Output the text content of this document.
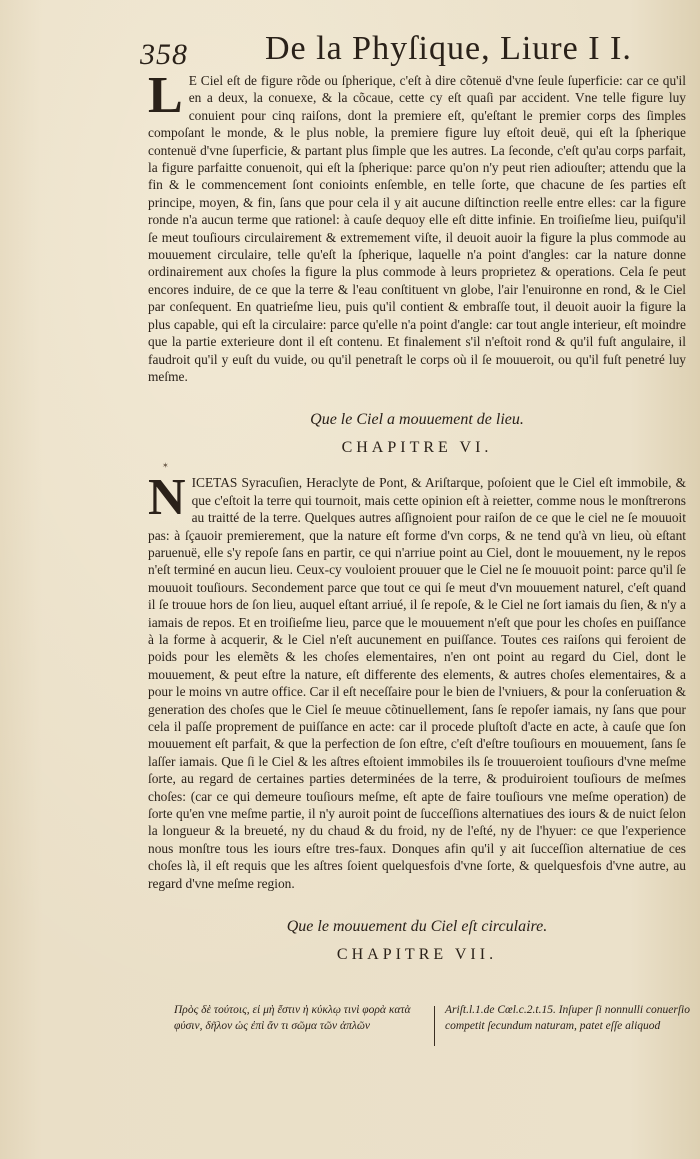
358 De la Phyſique, Liure I I.

L E Ciel eſt de figure rõde ou ſpherique, c'eſt à dire cõtenuë d'vne ſeule ſuperficie: car ce qu'il en a deux, la conuexe, & la cõcaue, cette cy eſt quaſi par accident. Vne telle figure luy conuient pour cinq raiſons, dont la premiere eſt, qu'eſtant le premier corps des ſimples compoſant le monde, & le plus noble, la premiere figure luy eſtoit deuë, qui eſt la ſpherique contenuë d'vne ſuperficie, & partant plus ſimple que les autres. La ſeconde, c'eſt qu'au corps parfait, la figure parfaitte conuenoit, qui eſt la ſpherique: parce qu'on n'y peut rien adiouſter; attendu que la fin & le commencement ſont conioints enſemble, en telle ſorte, que chacune de ſes parties eſt principe, moyen, & fin, ſans que pour cela il y ait aucune diſtinction reelle entre elles: car la figure ronde n'a aucun terme que rationel: à cauſe dequoy elle eſt ditte infinie. En troiſieſme lieu, puiſqu'il ſe meut touſiours circulairement & extremement viſte, il deuoit auoir la figure la plus commode au mouuement circulaire, telle qu'eſt la ſpherique, laquelle n'a point d'angles: car la nature donne ordinairement aux choſes la figure la plus commode à leurs proprietez & operations. Cela ſe peut encores induire, de ce que la terre & l'eau conſtituent vn globe, l'air l'enuironne en rond, & le Ciel par conſequent. En quatrieſme lieu, puis qu'il contient & embraſſe tout, il deuoit auoir la figure la plus capable, qui eſt la circulaire: parce qu'elle n'a point d'angle: car tout angle interieur, eſt moindre que la partie exterieure dont il eſt contenu. Et finalement s'il n'eſtoit rond & qu'il fuſt angulaire, il faudroit qu'il y euſt du vuide, ou qu'il penetraſt le corps où il ſe mouueroit, ou qu'il fuſt penetré luy meſme.

Que le Ciel a mouuement de lieu.
CHAPITRE VI.
✶

NICETAS Syracuſien, Heraclyte de Pont, & Ariſtarque, poſoient que le Ciel eſt immobile, & que c'eſtoit la terre qui tournoit, mais cette opinion eſt à reietter, comme nous le monſtrerons au traitté de la terre. Quelques autres aſſignoient pour raiſon de ce que le ciel ne ſe mouuoit pas: à ſçauoir premierement, que la nature eſt forme d'vn corps, & ne tend qu'à vn lieu, où eſtant paruenuë, elle s'y repoſe ſans en partir, ce qui n'arriue point au Ciel, dont le mouuement, ny le repos n'eſt terminé en aucun lieu. Ceux-cy vouloient prouuer que le Ciel ne ſe mouuoit point: parce qu'il ſe mouuoit touſiours. Secondement parce que tout ce qui ſe meut d'vn mouuement naturel, c'eſt quand il ſe trouue hors de ſon lieu, auquel eſtant arriué, il ſe repoſe, & le Ciel ne ſort iamais du ſien, & n'y a iamais de repos. Et en troiſieſme lieu, parce que le mouuement n'eſt que pour les choſes en puiſſance à la forme à acquerir, & le Ciel n'eſt aucunement en puiſſance. Toutes ces raiſons qui feroient de poids pour les elemẽts & les choſes elementaires, n'en ont point au regard du Ciel, dont le mouuement, & peut eſtre la nature, eſt differente des elements, & autres choſes elementaires, & a pour le moins vn autre office. Car il eſt neceſſaire pour le bien de l'vniuers, & pour la conſeruation & generation des choſes que le Ciel ſe meuue cõtinuellement, ſans ſe repoſer iamais, ny ſans que pour cela il paſſe proprement de puiſſance en acte: car il procede pluſtoſt d'acte en acte, à cauſe que ſon mouuement eſt parfait, & que la perfection de ſon eſtre, c'eſt d'eſtre touſiours en mouuement, ſans ſe laſſer iamais. Que ſi le Ciel & les aſtres eſtoient immobiles ils ſe trouueroient touſiours d'vne meſme ſorte, au regard de certaines parties determinées de la terre, & produiroient touſiours de meſmes choſes: (car ce qui demeure touſiours meſme, eſt apte de faire touſiours vne meſme operation) de ſorte qu'en vne meſme partie, il n'y auroit point de ſucceſſions alternatiues des iours & de nuict ſelon la longueur & la breueté, ny du chaud & du froid, ny de l'eſté, ny de l'hyuer: ce que l'experience nous monſtre tous les iours eſtre tres-faux. Donques afin qu'il y ait ſucceſſion alternatiue de ces choſes là, il eſt requis que les aſtres ſoient quelquesfois d'vne ſorte, & quelquesfois d'vne autre, au regard d'vne meſme region.

Que le mouuement du Ciel eſt circulaire.
CHAPITRE VII.
Πρὸς δὲ τούτοις, εἰ μὴ ἔστιν ἡ κύκλῳ τινὶ φορὰ κατὰ φύσιν, δῆλον ὡς ἐπὶ ἄν τι σῶμα τῶν ἁπλῶν
Ariſt.l.1.de Cœl.c.2.t.15. Inſuper ſi nonnulli conuerſio competit ſecundum naturam, patet eſſe aliquod
